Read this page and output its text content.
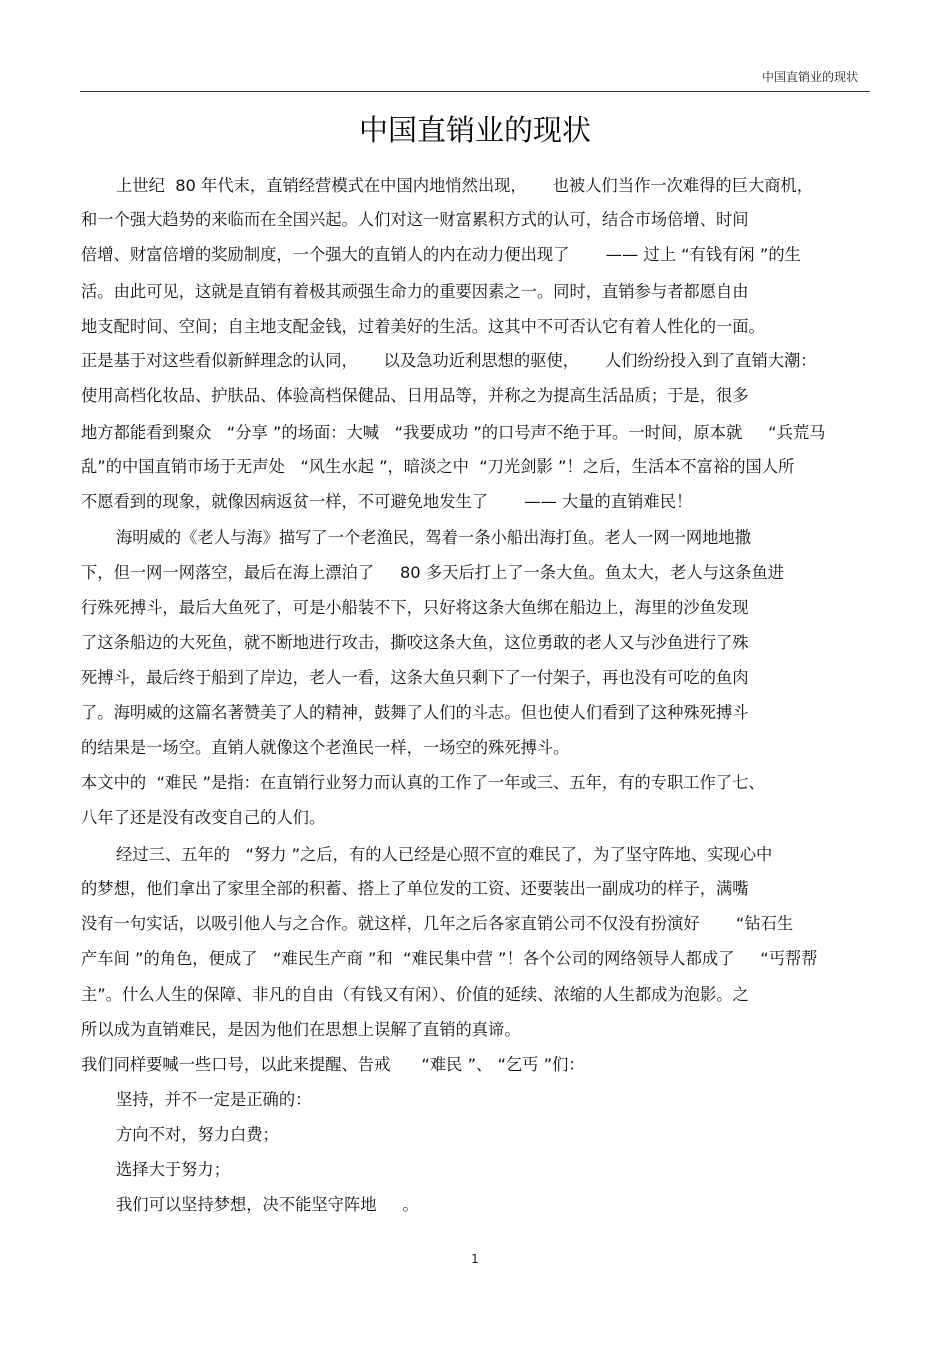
中国直销业的现状
中国直销业的现状
上世纪  80 年代末，直销经营模式在中国内地悄然出现，     也被人们当作一次难得的巨大商机，
和一个强大趋势的来临而在全国兴起。人们对这一财富累积方式的认可，结合市场倍增、时间
倍增、财富倍增的奖励制度，一个强大的直销人的内在动力便出现了       —— 过上 “有钱有闲 ”的生
活。由此可见，这就是直销有着极其顽强生命力的重要因素之一。同时，直销参与者都愿自由
地支配时间、空间；自主地支配金钱，过着美好的生活。这其中不可否认它有着人性化的一面。
正是基于对这些看似新鲜理念的认同，     以及急功近利思想的驱使，     人们纷纷投入到了直销大潮：
使用高档化妆品、护肤品、体验高档保健品、日用品等，并称之为提高生活品质；于是，很多
地方都能看到聚众   “分享 ”的场面：大喊   “我要成功 ”的口号声不绝于耳。一时间，原本就     “兵荒马
乱”的中国直销市场于无声处   “风生水起 ”，暗淡之中  “刀光剑影 ”！之后，生活本不富裕的国人所
不愿看到的现象，就像因病返贫一样，不可避免地发生了       —— 大量的直销难民！
海明威的《老人与海》描写了一个老渔民，驾着一条小船出海打鱼。老人一网一网地地撒
下，但一网一网落空，最后在海上漂泊了     80 多天后打上了一条大鱼。鱼太大，老人与这条鱼进
行殊死搏斗，最后大鱼死了，可是小船装不下，只好将这条大鱼绑在船边上，海里的沙鱼发现
了这条船边的大死鱼，就不断地进行攻击，撕咬这条大鱼，这位勇敢的老人又与沙鱼进行了殊
死搏斗，最后终于船到了岸边，老人一看，这条大鱼只剩下了一付架子，再也没有可吃的鱼肉
了。海明威的这篇名著赞美了人的精神，鼓舞了人们的斗志。但也使人们看到了这种殊死搏斗
的结果是一场空。直销人就像这个老渔民一样，一场空的殊死搏斗。
本文中的  “难民 ”是指：在直销行业努力而认真的工作了一年或三、五年，有的专职工作了七、
八年了还是没有改变自己的人们。
经过三、五年的   “努力 ”之后，有的人已经是心照不宣的难民了，为了坚守阵地、实现心中
的梦想，他们拿出了家里全部的积蓄、搭上了单位发的工资、还要装出一副成功的样子，满嘴
没有一句实话，以吸引他人与之合作。就这样，几年之后各家直销公司不仅没有扮演好       “钻石生
产车间 ”的角色，便成了   “难民生产商 ”和  “难民集中营 ”！各个公司的网络领导人都成了     “丐帮帮
主”。什么人生的保障、非凡的自由（有钱又有闲）、价值的延续、浓缩的人生都成为泡影。之
所以成为直销难民，是因为他们在思想上误解了直销的真谛。
我们同样要喊一些口号，以此来提醒、告戒      “难民 ”、 “乞丐 ”们：
坚持，并不一定是正确的：
方向不对，努力白费；
选择大于努力；
我们可以坚持梦想，决不能坚守阵地     。
1
